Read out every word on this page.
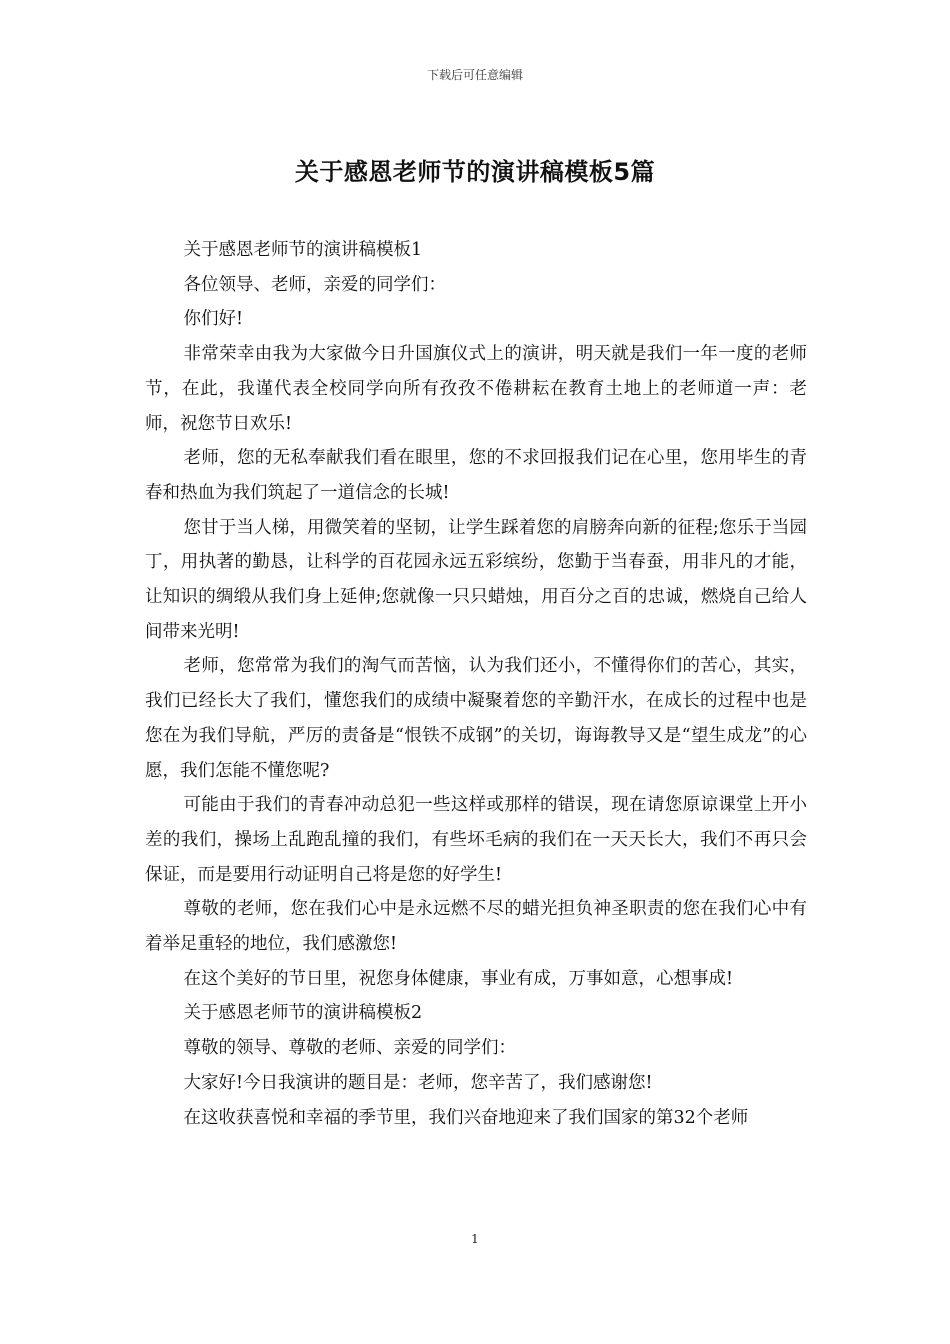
下载后可任意编辑
关于感恩老师节的演讲稿模板5篇

关于感恩老师节的演讲稿模板1

各位领导、老师，亲爱的同学们：

你们好!

非常荣幸由我为大家做今日升国旗仪式上的演讲，明天就是我们一年一度的老师节，在此，我谨代表全校同学向所有孜孜不倦耕耘在教育土地上的老师道一声：老师，祝您节日欢乐!

老师，您的无私奉献我们看在眼里，您的不求回报我们记在心里，您用毕生的青春和热血为我们筑起了一道信念的长城!

您甘于当人梯，用微笑着的坚韧，让学生踩着您的肩膀奔向新的征程;您乐于当园丁，用执著的勤恳，让科学的百花园永远五彩缤纷，您勤于当春蚕，用非凡的才能，让知识的绸缎从我们身上延伸;您就像一只只蜡烛，用百分之百的忠诚，燃烧自己给人间带来光明!

老师，您常常为我们的淘气而苦恼，认为我们还小，不懂得你们的苦心，其实，我们已经长大了我们，懂您我们的成绩中凝聚着您的辛勤汗水，在成长的过程中也是您在为我们导航，严厉的责备是“恨铁不成钢”的关切，诲诲教导又是“望生成龙”的心愿，我们怎能不懂您呢?

可能由于我们的青春冲动总犯一些这样或那样的错误，现在请您原谅课堂上开小差的我们，操场上乱跑乱撞的我们，有些坏毛病的我们在一天天长大，我们不再只会保证，而是要用行动证明自己将是您的好学生!

尊敬的老师，您在我们心中是永远燃不尽的蜡光担负神圣职责的您在我们心中有着举足重轻的地位，我们感激您!

在这个美好的节日里，祝您身体健康，事业有成，万事如意，心想事成!

关于感恩老师节的演讲稿模板2

尊敬的领导、尊敬的老师、亲爱的同学们：

大家好!今日我演讲的题目是：老师，您辛苦了，我们感谢您!

在这收获喜悦和幸福的季节里，我们兴奋地迎来了我们国家的第32个老师

1
